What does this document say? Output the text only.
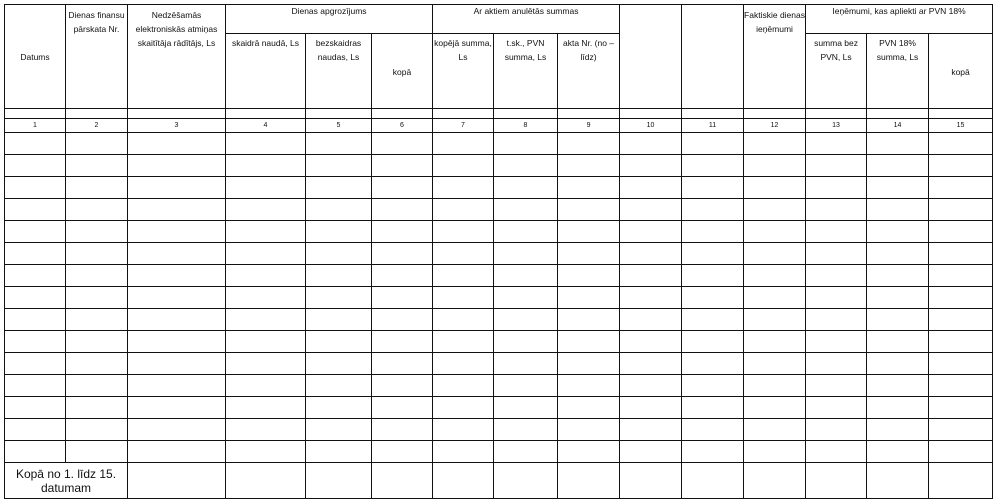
Datums	Dienas finansu pārskata Nr.	Nedzēšamās elektroniskās atmiņas skaitītāja rādītājs, Ls	Dienas apgrozījums			Ar aktiem anulētās summas					Faktiskie dienas ieņēmumi	Ieņēmumi, kas apliekti ar PVN 18%		
			skaidrā naudā, Ls	bezskaidras naudas, Ls	kopā	kopējā summa, Ls	t.sk., PVN summa, Ls	akta Nr. (no – līdz)				summa bez PVN, Ls	PVN 18% summa, Ls	kopā

1	2	3	4	5	6	7	8	9	10	11	12	13	14	15

Kopā no 1. līdz 15. datumam														
